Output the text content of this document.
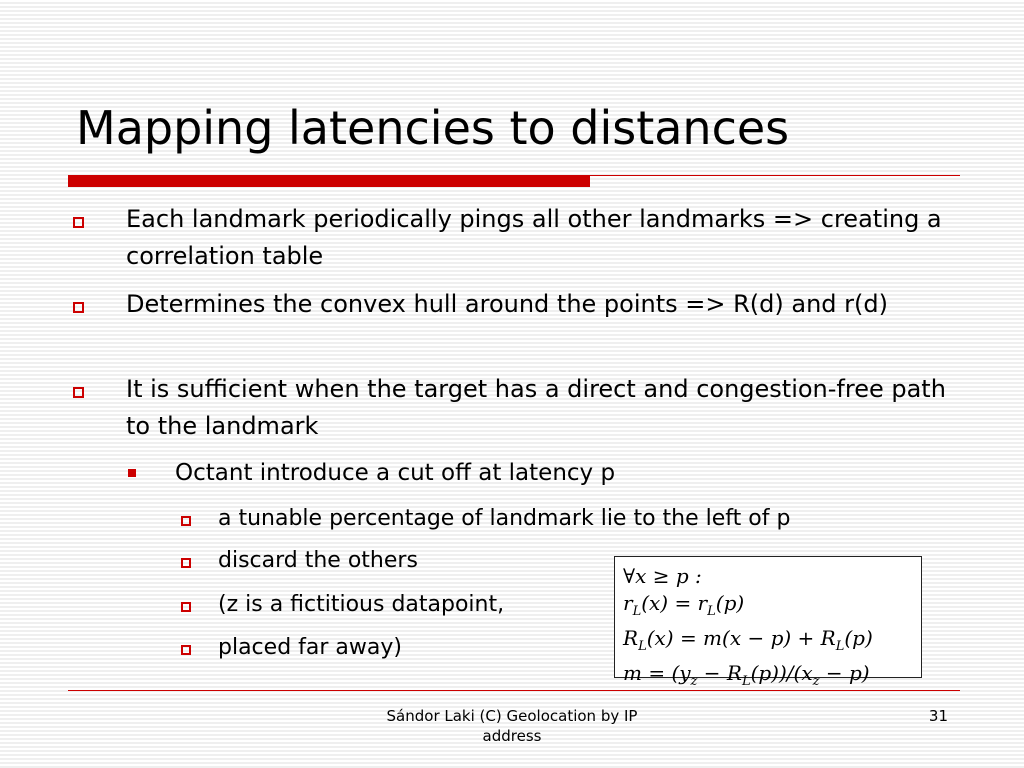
Mapping latencies to distances
Each landmark periodically pings all other landmarks => creating a correlation table
Determines the convex hull around the points => R(d) and r(d)
It is sufficient when the target has a direct and congestion-free path to the landmark
Octant introduce a cut off at latency p
a tunable percentage of landmark lie to the left of p
discard the others
(z is a fictitious datapoint,
placed far away)
∀x ≥ p :
$r_L(x) = r_L(p)$
$R_L(x) = m(x - p) + R_L(p)$
$m = (y_z - R_L(p))/(x_z - p)$
Sándor Laki (C) Geolocation by IP address
31
